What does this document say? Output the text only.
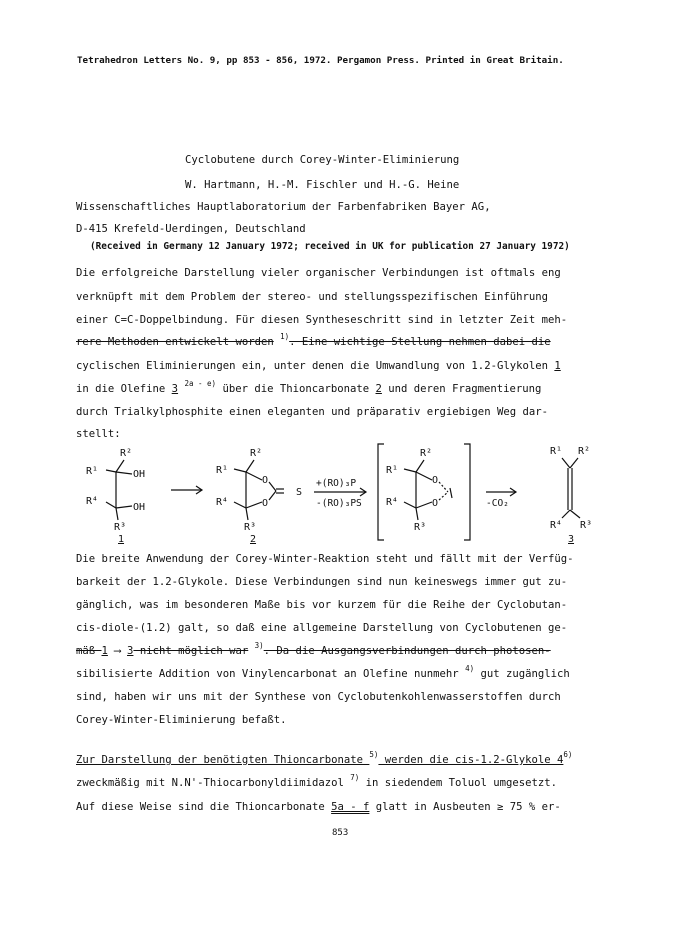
Tetrahedron Letters No. 9, pp 853 - 856, 1972. Pergamon Press. Printed in Great Britain.
Cyclobutene durch Corey-Winter-Eliminierung
W. Hartmann, H.-M. Fischler und H.-G. Heine
Wissenschaftliches Hauptlaboratorium der Farbenfabriken Bayer AG,
D-415 Krefeld-Uerdingen, Deutschland
(Received in Germany 12 January 1972; received in UK for publication 27 January 1972)
Die erfolgreiche Darstellung vieler organischer Verbindungen ist oftmals eng
verknüpft mit dem Problem der stereo- und stellungsspezifischen Einführung
einer C=C-Doppelbindung. Für diesen Syntheseschritt sind in letzter Zeit meh-
rere Methoden entwickelt worden $^{1)}$. Eine wichtige Stellung nehmen dabei die
cyclischen Eliminierungen ein, unter denen die Umwandlung von 1.2-Glykolen 1
in die Olefine 3 $^{2a - e)}$ über die Thioncarbonate 2 und deren Fragmentierung
durch Trialkylphosphite einen eleganten und präparativ ergiebigen Weg dar-
stellt:
R²
R¹	OH
R⁴
OH
R³
1
R²
R¹
O
R⁴	O
S
R³
2
+(RO)₃P
-(RO)₃PS
R²
R¹
O
R⁴	O
R³
-CO₂
R¹ R²
R⁴ R³
3
Die breite Anwendung der Corey-Winter-Reaktion steht und fällt mit der Verfüg-
barkeit der 1.2-Glykole. Diese Verbindungen sind nun keineswegs immer gut zu-
gänglich, was im besonderen Maße bis vor kurzem für die Reihe der Cyclobutan-
cis-diole-(1.2) galt, so daß eine allgemeine Darstellung von Cyclobutenen ge-
mäß 1 ⟶ 3 nicht möglich war $^{3)}$. Da die Ausgangsverbindungen durch photosen-
sibilisierte Addition von Vinylencarbonat an Olefine nunmehr $^{4)}$ gut zugänglich
sind, haben wir uns mit der Synthese von Cyclobutenkohlenwasserstoffen durch
Corey-Winter-Eliminierung befaßt.
Zur Darstellung der benötigten Thioncarbonate $^{5)}$ werden die cis-1.2-Glykole 4$^{6)}$
zweckmäßig mit N.N'-Thiocarbonyldiimidazol $^{7)}$ in siedendem Toluol umgesetzt.
Auf diese Weise sind die Thioncarbonate 5a - f glatt in Ausbeuten ≥ 75 % er-
853
